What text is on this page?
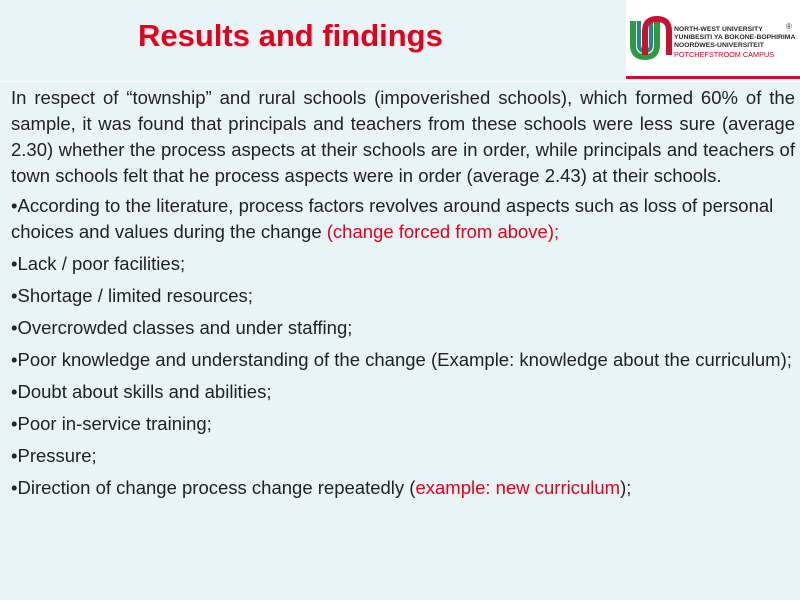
Results and findings	®
NORTH-WEST UNIVERSITY
YUNIBESITI YA BOKONE-BOPHIRIMA
NOORDWES-UNIVERSITEIT
POTCHEFSTROOM CAMPUS

In respect of “township” and rural schools (impoverished schools), which formed 60% of the sample, it was found that principals and teachers from these schools were less sure (average 2.30) whether the process aspects at their schools are in order, while principals and teachers of town schools felt that he process aspects were in order (average 2.43) at their schools.

•According to the literature, process factors revolves around aspects such as loss of personal choices and values during the change (change forced from above);

•Lack / poor facilities;

•Shortage / limited resources;

•Overcrowded classes and under staffing;

•Poor knowledge and understanding of the change (Example: knowledge about the curriculum);

•Doubt about skills and abilities;

•Poor in-service training;

•Pressure;

•Direction of change process change repeatedly (example: new curriculum);
